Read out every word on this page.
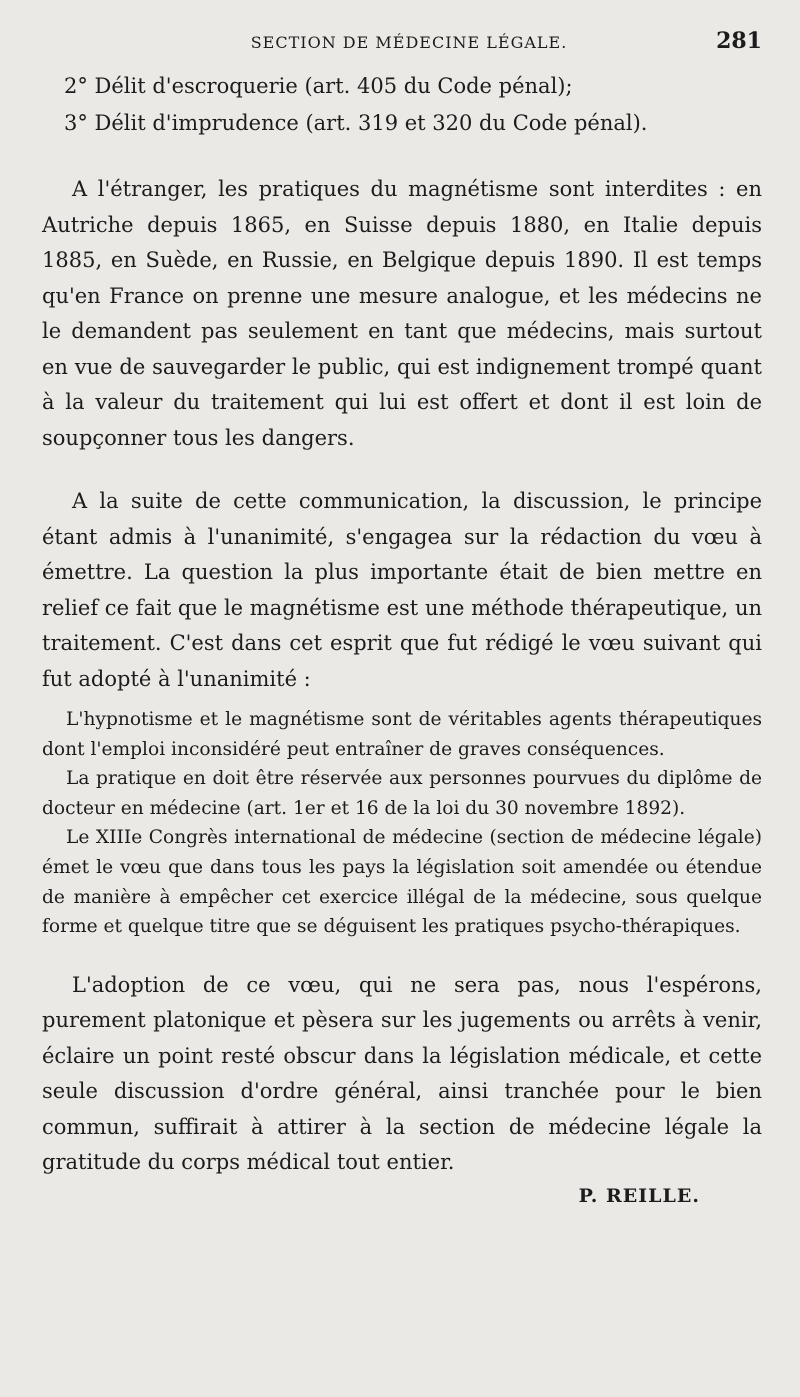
SECTION DE MÉDECINE LÉGALE.	281

2° Délit d'escroquerie (art. 405 du Code pénal);

3° Délit d'imprudence (art. 319 et 320 du Code pénal).

A l'étranger, les pratiques du magnétisme sont interdites : en Autriche depuis 1865, en Suisse depuis 1880, en Italie depuis 1885, en Suède, en Russie, en Belgique depuis 1890. Il est temps qu'en France on prenne une mesure analogue, et les médecins ne le demandent pas seulement en tant que médecins, mais surtout en vue de sauvegarder le public, qui est indignement trompé quant à la valeur du traitement qui lui est offert et dont il est loin de soupçonner tous les dangers.

A la suite de cette communication, la discussion, le principe étant admis à l'unanimité, s'engagea sur la rédaction du vœu à émettre. La question la plus importante était de bien mettre en relief ce fait que le magnétisme est une méthode thérapeutique, un traitement. C'est dans cet esprit que fut rédigé le vœu suivant qui fut adopté à l'unanimité :

L'hypnotisme et le magnétisme sont de véritables agents thérapeutiques dont l'emploi inconsidéré peut entraîner de graves conséquences.

La pratique en doit être réservée aux personnes pourvues du diplôme de docteur en médecine (art. 1er et 16 de la loi du 30 novembre 1892).

Le XIIIe Congrès international de médecine (section de médecine légale) émet le vœu que dans tous les pays la législation soit amendée ou étendue de manière à empêcher cet exercice illégal de la médecine, sous quelque forme et quelque titre que se déguisent les pratiques psycho-thérapiques.

L'adoption de ce vœu, qui ne sera pas, nous l'espérons, purement platonique et pèsera sur les jugements ou arrêts à venir, éclaire un point resté obscur dans la législation médicale, et cette seule discussion d'ordre général, ainsi tranchée pour le bien commun, suffirait à attirer à la section de médecine légale la gratitude du corps médical tout entier.

P. REILLE.
